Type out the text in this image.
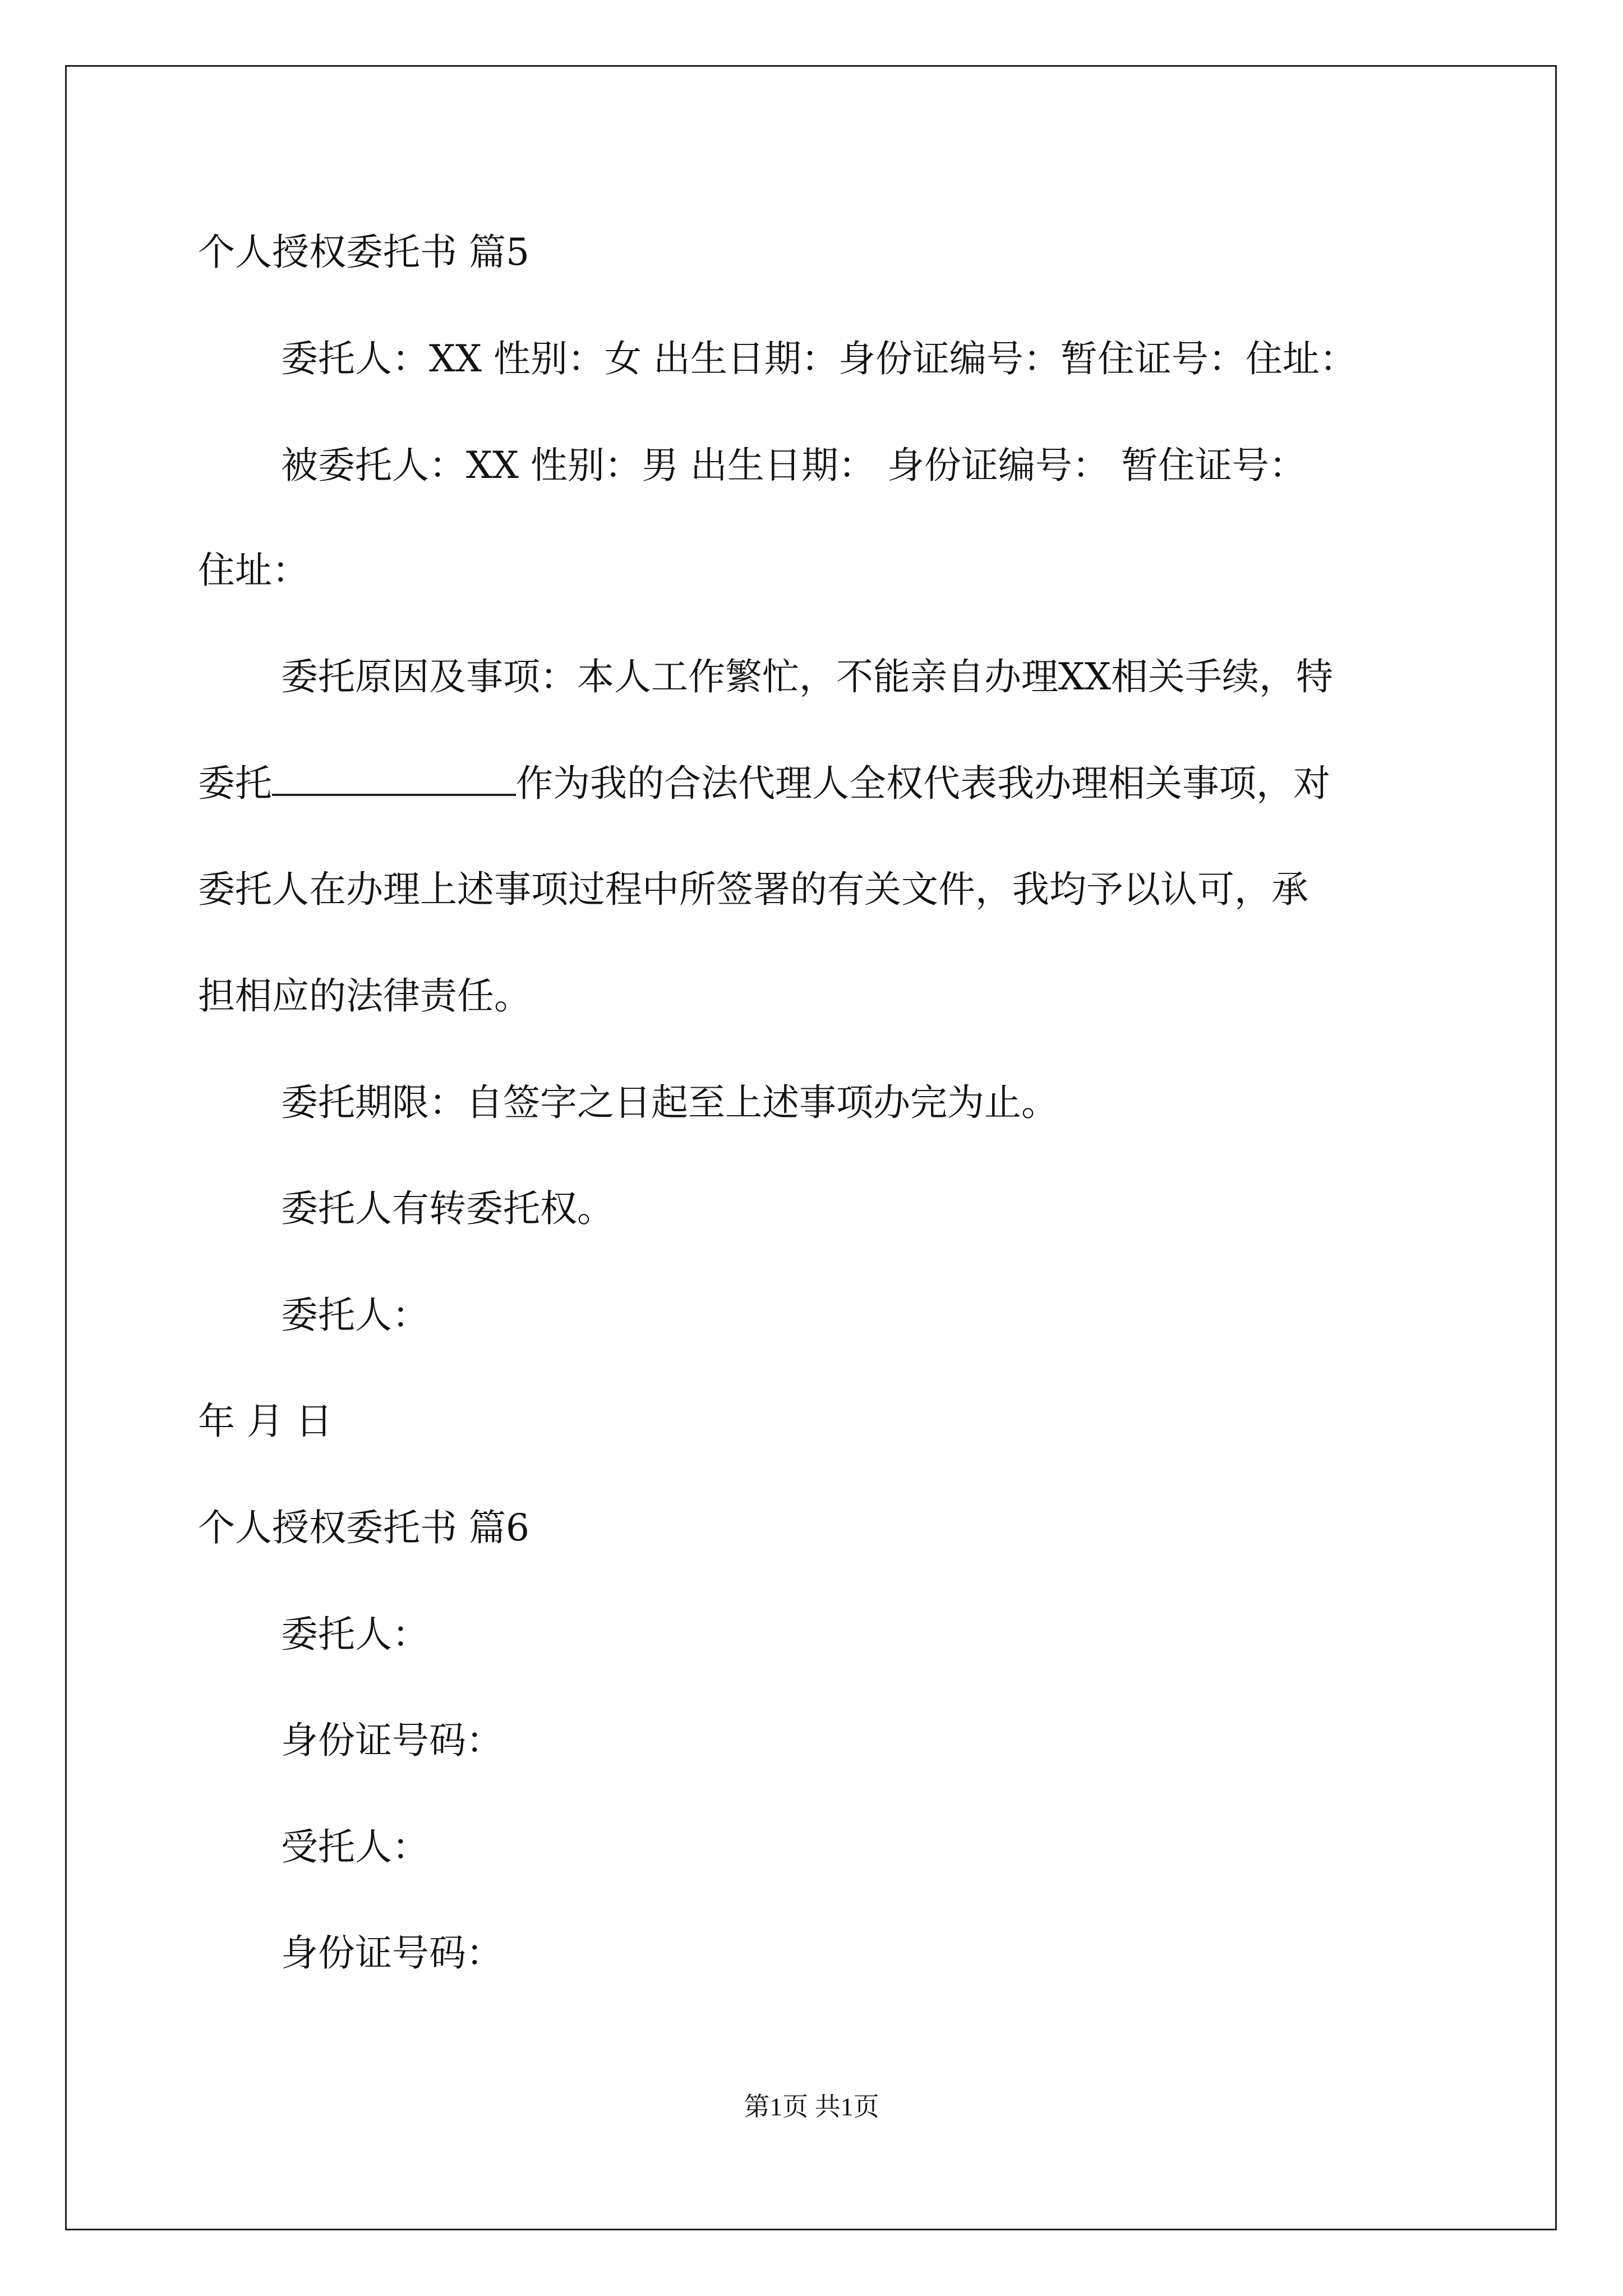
个人授权委托书 篇5
委托人：XX 性别：女 出生日期：身份证编号：暂住证号：住址：
被委托人：XX 性别：男 出生日期： 身份证编号： 暂住证号：
住址：
委托原因及事项：本人工作繁忙，不能亲自办理XX相关手续，特
委托	作为我的合法代理人全权代表我办理相关事项，对
委托人在办理上述事项过程中所签署的有关文件，我均予以认可，承
担相应的法律责任。
委托期限：自签字之日起至上述事项办完为止。
委托人有转委托权。
委托人：
年 月 日
个人授权委托书 篇6
委托人：
身份证号码：
受托人：
身份证号码：
第1页 共1页
